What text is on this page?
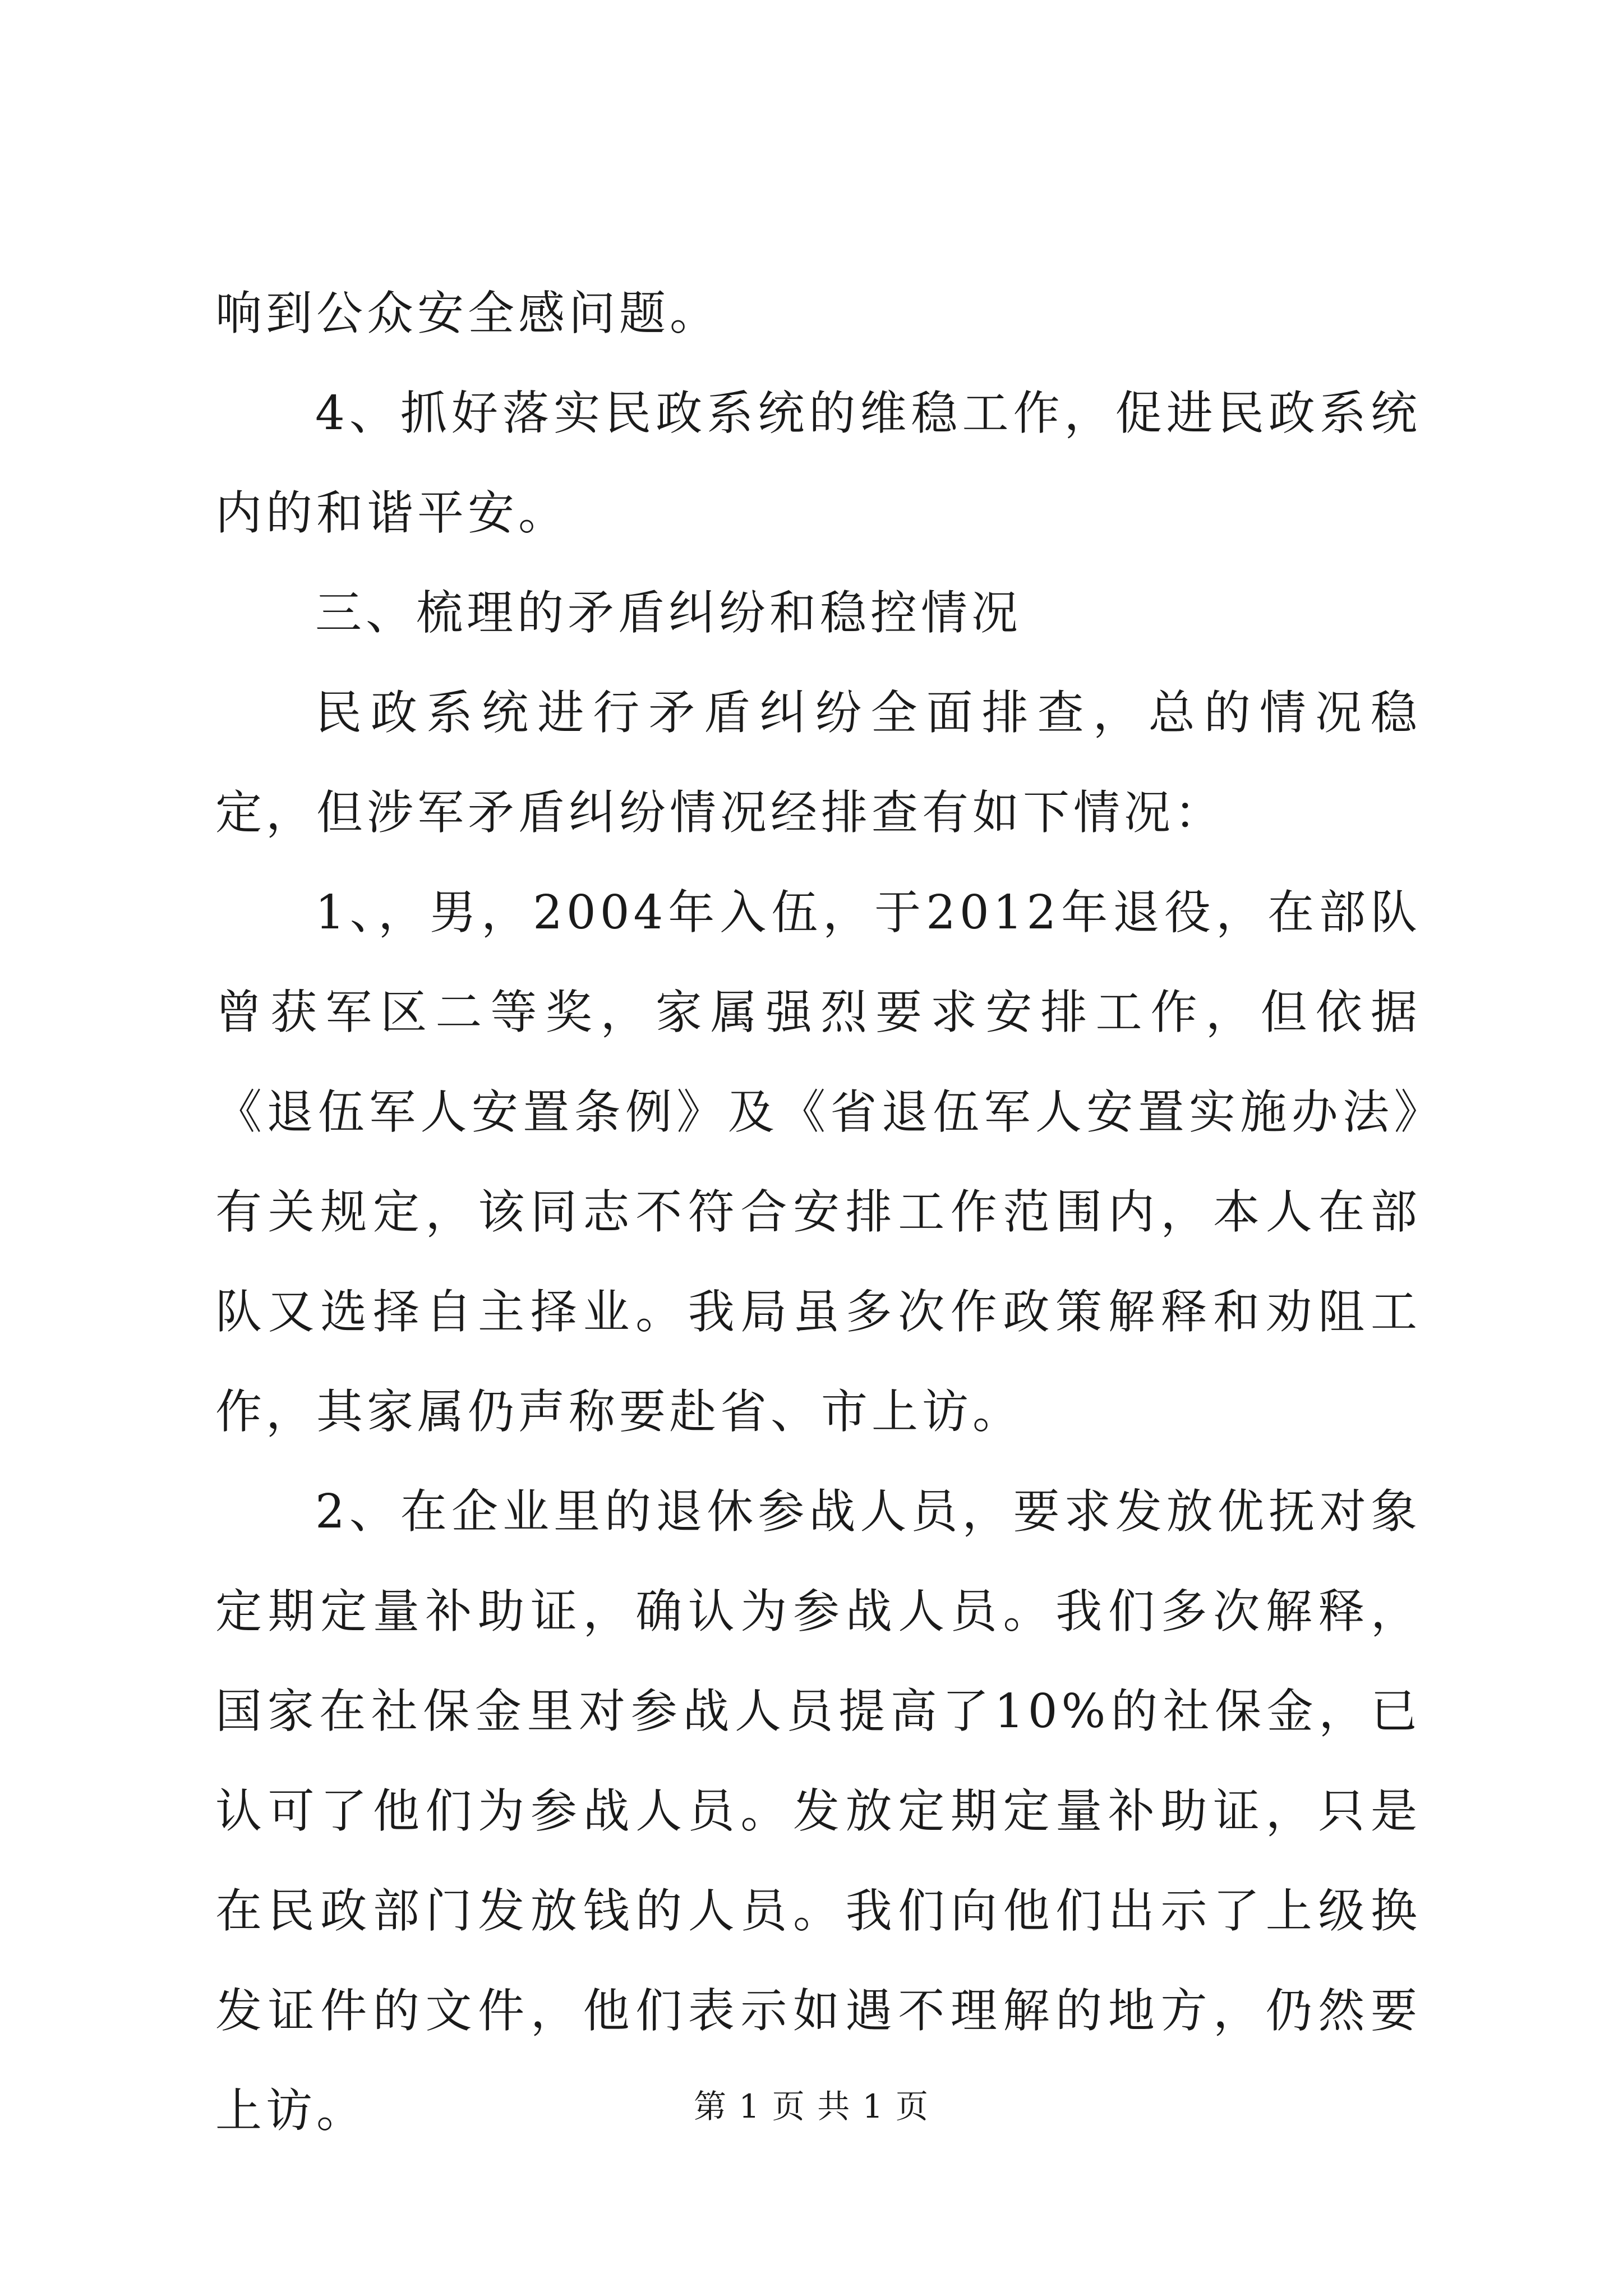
响到公众安全感问题。

4、抓好落实民政系统的维稳工作，促进民政系统内的和谐平安。

三、梳理的矛盾纠纷和稳控情况

民政系统进行矛盾纠纷全面排查，总的情况稳定，但涉军矛盾纠纷情况经排查有如下情况：

1、，男，2004年入伍，于2012年退役，在部队曾获军区二等奖，家属强烈要求安排工作，但依据《退伍军人安置条例》及《省退伍军人安置实施办法》有关规定，该同志不符合安排工作范围内，本人在部队又选择自主择业。我局虽多次作政策解释和劝阻工作，其家属仍声称要赴省、市上访。

2、在企业里的退休参战人员，要求发放优抚对象定期定量补助证，确认为参战人员。我们多次解释，国家在社保金里对参战人员提高了10%的社保金，已认可了他们为参战人员。发放定期定量补助证，只是在民政部门发放钱的人员。我们向他们出示了上级换发证件的文件，他们表示如遇不理解的地方，仍然要上访。	第 1 页 共 1 页
